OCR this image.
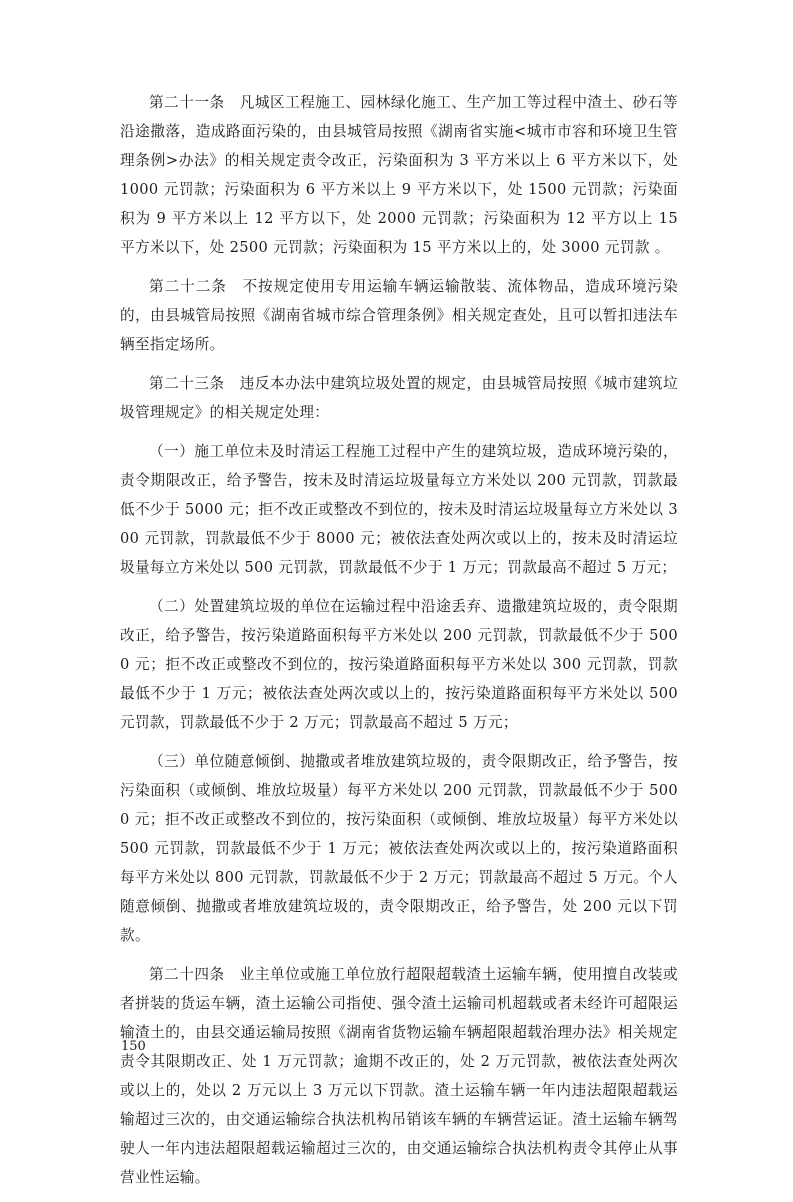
第二十一条　凡城区工程施工、园林绿化施工、生产加工等过程中渣土、砂石等沿途撒落，造成路面污染的，由县城管局按照《湖南省实施<城市市容和环境卫生管理条例>办法》的相关规定责令改正，污染面积为 3 平方米以上 6 平方米以下，处 1000 元罚款；污染面积为 6 平方米以上 9 平方米以下，处 1500 元罚款；污染面积为 9 平方米以上 12 平方以下，处 2000 元罚款；污染面积为 12 平方以上 15 平方米以下，处 2500 元罚款；污染面积为 15 平方米以上的，处 3000 元罚款 。

第二十二条　不按规定使用专用运输车辆运输散装、流体物品，造成环境污染的，由县城管局按照《湖南省城市综合管理条例》相关规定查处，且可以暂扣违法车辆至指定场所。

第二十三条　违反本办法中建筑垃圾处置的规定，由县城管局按照《城市建筑垃圾管理规定》的相关规定处理：

（一）施工单位未及时清运工程施工过程中产生的建筑垃圾，造成环境污染的，责令期限改正，给予警告，按未及时清运垃圾量每立方米处以 200 元罚款，罚款最低不少于 5000 元；拒不改正或整改不到位的，按未及时清运垃圾量每立方米处以 300 元罚款，罚款最低不少于 8000 元；被依法查处两次或以上的，按未及时清运垃圾量每立方米处以 500 元罚款，罚款最低不少于 1 万元；罚款最高不超过 5 万元；

（二）处置建筑垃圾的单位在运输过程中沿途丢弃、遗撒建筑垃圾的，责令限期改正，给予警告，按污染道路面积每平方米处以 200 元罚款，罚款最低不少于 5000 元；拒不改正或整改不到位的，按污染道路面积每平方米处以 300 元罚款，罚款最低不少于 1 万元；被依法查处两次或以上的，按污染道路面积每平方米处以 500 元罚款，罚款最低不少于 2 万元；罚款最高不超过 5 万元；

（三）单位随意倾倒、抛撒或者堆放建筑垃圾的，责令限期改正，给予警告，按污染面积（或倾倒、堆放垃圾量）每平方米处以 200 元罚款，罚款最低不少于 5000 元；拒不改正或整改不到位的，按污染面积（或倾倒、堆放垃圾量）每平方米处以 500 元罚款，罚款最低不少于 1 万元；被依法查处两次或以上的，按污染道路面积每平方米处以 800 元罚款，罚款最低不少于 2 万元；罚款最高不超过 5 万元。个人随意倾倒、抛撒或者堆放建筑垃圾的，责令限期改正，给予警告，处 200 元以下罚款。

第二十四条　业主单位或施工单位放行超限超载渣土运输车辆，使用擅自改装或者拼装的货运车辆，渣土运输公司指使、强令渣土运输司机超载或者未经许可超限运输渣土的，由县交通运输局按照《湖南省货物运输车辆超限超载治理办法》相关规定责令其限期改正、处 1 万元罚款；逾期不改正的，处 2 万元罚款，被依法查处两次或以上的，处以 2 万元以上 3 万元以下罚款。渣土运输车辆一年内违法超限超载运输超过三次的，由交通运输综合执法机构吊销该车辆的车辆营运证。渣土运输车辆驾驶人一年内违法超限超载运输超过三次的，由交通运输综合执法机构责令其停止从事营业性运输。

150
